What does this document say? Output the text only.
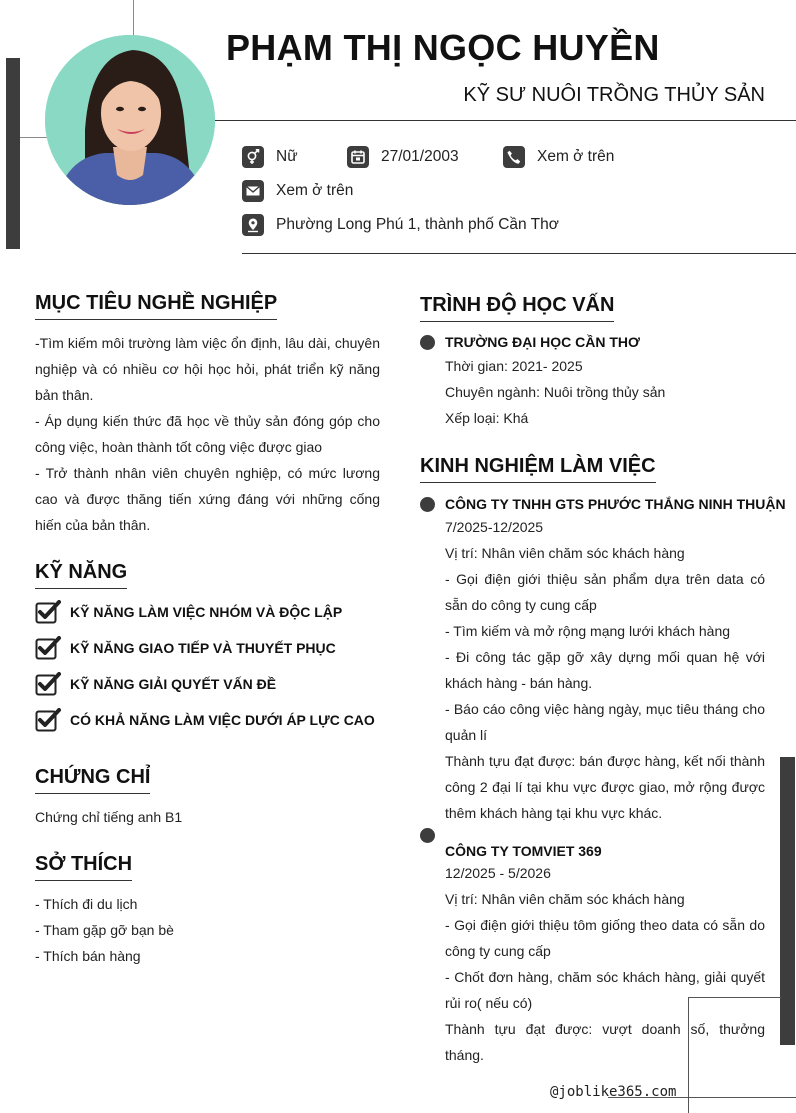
PHẠM THỊ NGỌC HUYỀN
KỸ SƯ NUÔI TRỒNG THỦY SẢN
Nữ	27/01/2003	Xem ở trên
Xem ở trên
Phường Long Phú 1, thành phố Cần Thơ
MỤC TIÊU NGHỀ NGHIỆP
-Tìm kiếm môi trường làm việc ổn định, lâu dài, chuyên nghiệp và có nhiều cơ hội học hỏi, phát triển kỹ năng bản thân.
- Áp dụng kiến thức đã học về thủy sản đóng góp cho công việc, hoàn thành tốt công việc được giao
- Trở thành nhân viên chuyên nghiệp, có mức lương cao và được thăng tiến xứng đáng với những cống hiến của bản thân.
KỸ NĂNG
KỸ NĂNG LÀM VIỆC NHÓM VÀ ĐỘC LẬP
KỸ NĂNG GIAO TIẾP VÀ THUYẾT PHỤC
KỸ NĂNG GIẢI QUYẾT VẤN ĐỀ
CÓ KHẢ NĂNG LÀM VIỆC DƯỚI ÁP LỰC CAO
CHỨNG CHỈ
Chứng chỉ tiếng anh B1
SỞ THÍCH
- Thích đi du lịch
- Tham gặp gỡ bạn bè
- Thích bán hàng
TRÌNH ĐỘ HỌC VẤN
TRƯỜNG ĐẠI HỌC CẦN THƠ
Thời gian: 2021- 2025
Chuyên ngành: Nuôi trồng thủy sản
Xếp loại: Khá
KINH NGHIỆM LÀM VIỆC
CÔNG TY TNHH GTS PHƯỚC THẮNG NINH THUẬN
7/2025-12/2025
Vị trí: Nhân viên chăm sóc khách hàng
- Gọi điện giới thiệu sản phẩm dựa trên data có sẵn do công ty cung cấp
- Tìm kiếm và mở rộng mạng lưới khách hàng
- Đi công tác gặp gỡ xây dựng mối quan hệ với khách hàng - bán hàng.
- Báo cáo công việc hàng ngày, mục tiêu tháng cho quản lí
Thành tựu đạt được: bán được hàng, kết nối thành công 2 đại lí tại khu vực được giao, mở rộng được thêm khách hàng tại khu vực khác.
CÔNG TY TOMVIET 369
12/2025 - 5/2026
Vị trí: Nhân viên chăm sóc khách hàng
- Gọi điện giới thiệu tôm giống theo data có sẵn do công ty cung cấp
- Chốt đơn hàng, chăm sóc khách hàng, giải quyết rủi ro( nếu có)
Thành tựu đạt được: vượt doanh số, thưởng tháng.
@joblike365.com
